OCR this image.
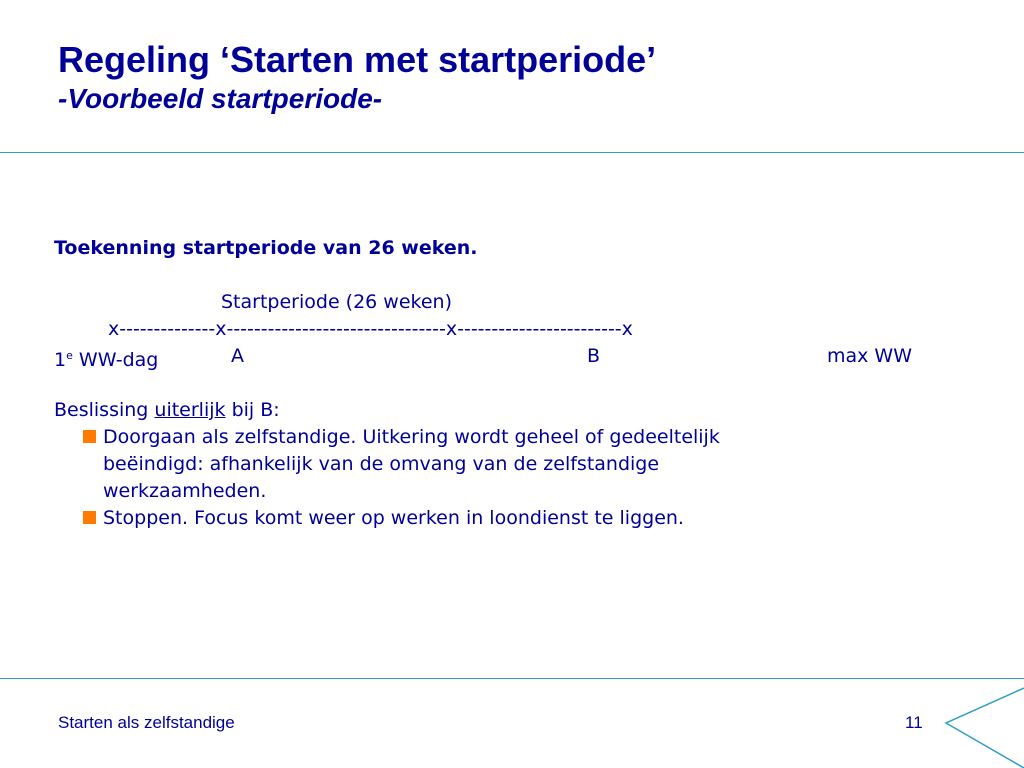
Regeling ‘Starten met startperiode’
-Voorbeeld startperiode-
Toekenning startperiode van 26 weken.
Startperiode (26 weken)
x--------------x--------------------------------x------------------------x
1e WW-dag	A	B	max WW
Beslissing uiterlijk bij B:
Doorgaan als zelfstandige. Uitkering wordt geheel of gedeeltelijk
beëindigd: afhankelijk van de omvang van de zelfstandige
werkzaamheden.
Stoppen. Focus komt weer op werken in loondienst te liggen.
Starten als zelfstandige	11
